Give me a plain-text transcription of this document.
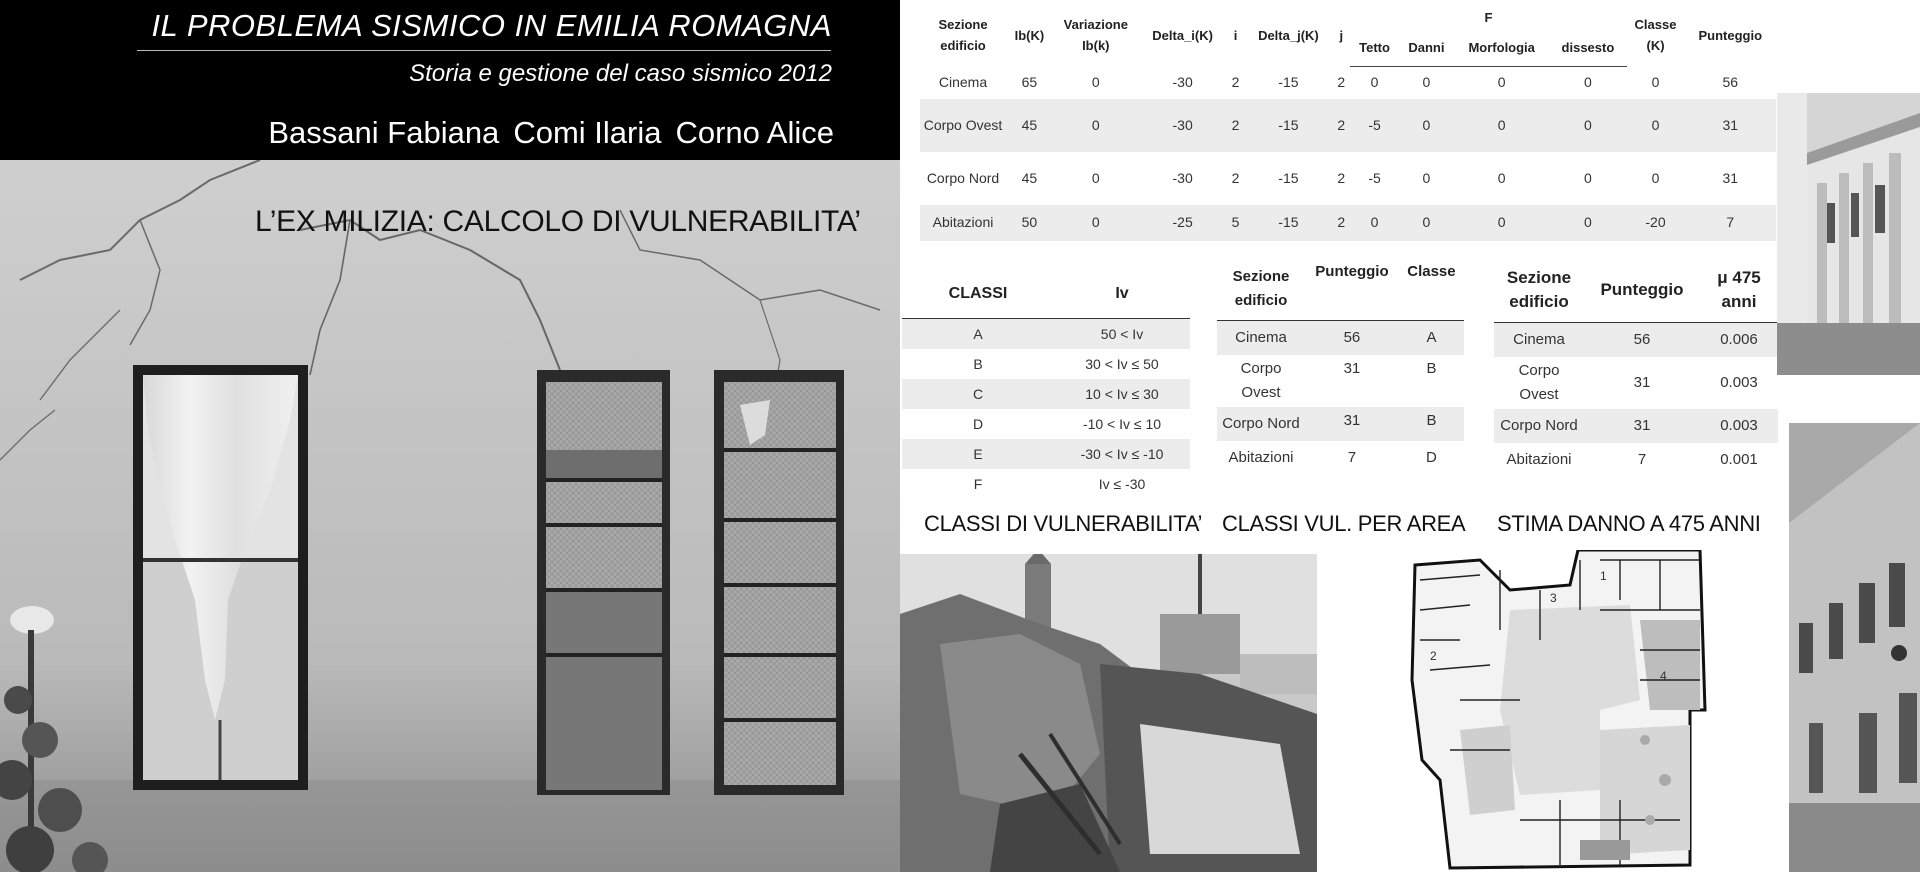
IL PROBLEMA SISMICO IN EMILIA ROMAGNA
Storia e gestione del caso sismico 2012
Bassani Fabiana Comi Ilaria Corno Alice
L’EX MILIZIA: CALCOLO DI VULNERABILITA’
Sezione edificio	Ib(K)	Variazione Ib(k)	Delta_i(K)	i	Delta_j(K)	j	F				Classe (K)	Punteggio
							Tetto	Danni	Morfologia	dissesto		
Cinema	65	0	-30	2	-15	2	0	0	0	0	0	56
Corpo Ovest	45	0	-30	2	-15	2	-5	0	0	0	0	31
Corpo Nord	45	0	-30	2	-15	2	-5	0	0	0	0	31
Abitazioni	50	0	-25	5	-15	2	0	0	0	0	-20	7
CLASSI	Iv
A	50 < Iv
B	30 < Iv ≤ 50
C	10 < Iv ≤ 30
D	-10 < Iv ≤ 10
E	-30 < Iv ≤ -10
F	Iv ≤ -30
Sezione edificio	Punteggio	Classe
Cinema	56	A
Corpo Ovest	31	B
Corpo Nord	31	B
Abitazioni	7	D
Sezione edificio	Punteggio	μ 475 anni
Cinema	56	0.006
Corpo Ovest	31	0.003
Corpo Nord	31	0.003
Abitazioni	7	0.001
CLASSI DI VULNERABILITA’ CLASSI VUL. PER AREA STIMA DANNO A 475 ANNI
3
2
4
1
